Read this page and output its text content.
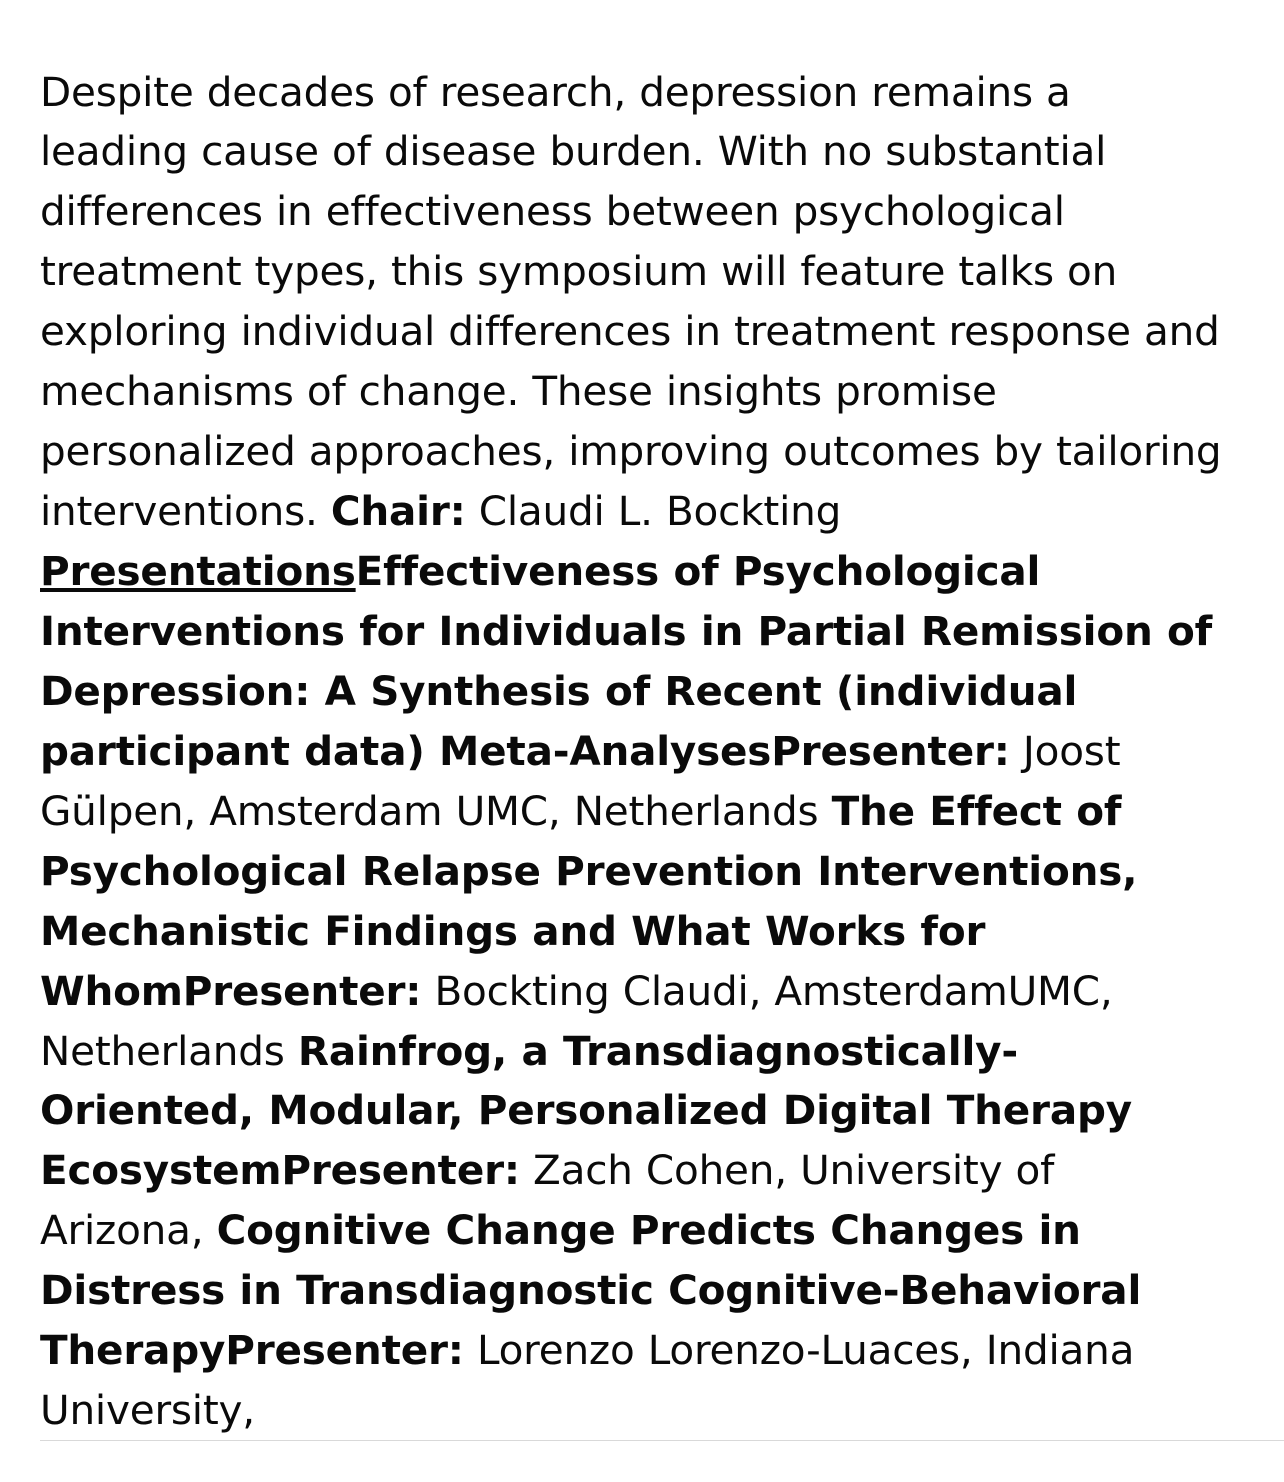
Despite decades of research, depression remains a leading cause of disease burden. With no substantial differences in effectiveness between psychological treatment types, this symposium will feature talks on exploring individual differences in treatment response and mechanisms of change. These insights promise personalized approaches, improving outcomes by tailoring interventions. Chair: Claudi L. Bockting PresentationsEffectiveness of Psychological Interventions for Individuals in Partial Remission of Depression: A Synthesis of Recent (individual participant data) Meta-AnalysesPresenter: Joost Gülpen, Amsterdam UMC, Netherlands The Effect of Psychological Relapse Prevention Interventions, Mechanistic Findings and What Works for WhomPresenter: Bockting Claudi, AmsterdamUMC, Netherlands Rainfrog, a Transdiagnostically-Oriented, Modular, Personalized Digital Therapy EcosystemPresenter: Zach Cohen, University of Arizona, Cognitive Change Predicts Changes in Distress in Transdiagnostic Cognitive-Behavioral TherapyPresenter: Lorenzo Lorenzo-Luaces, Indiana University,
